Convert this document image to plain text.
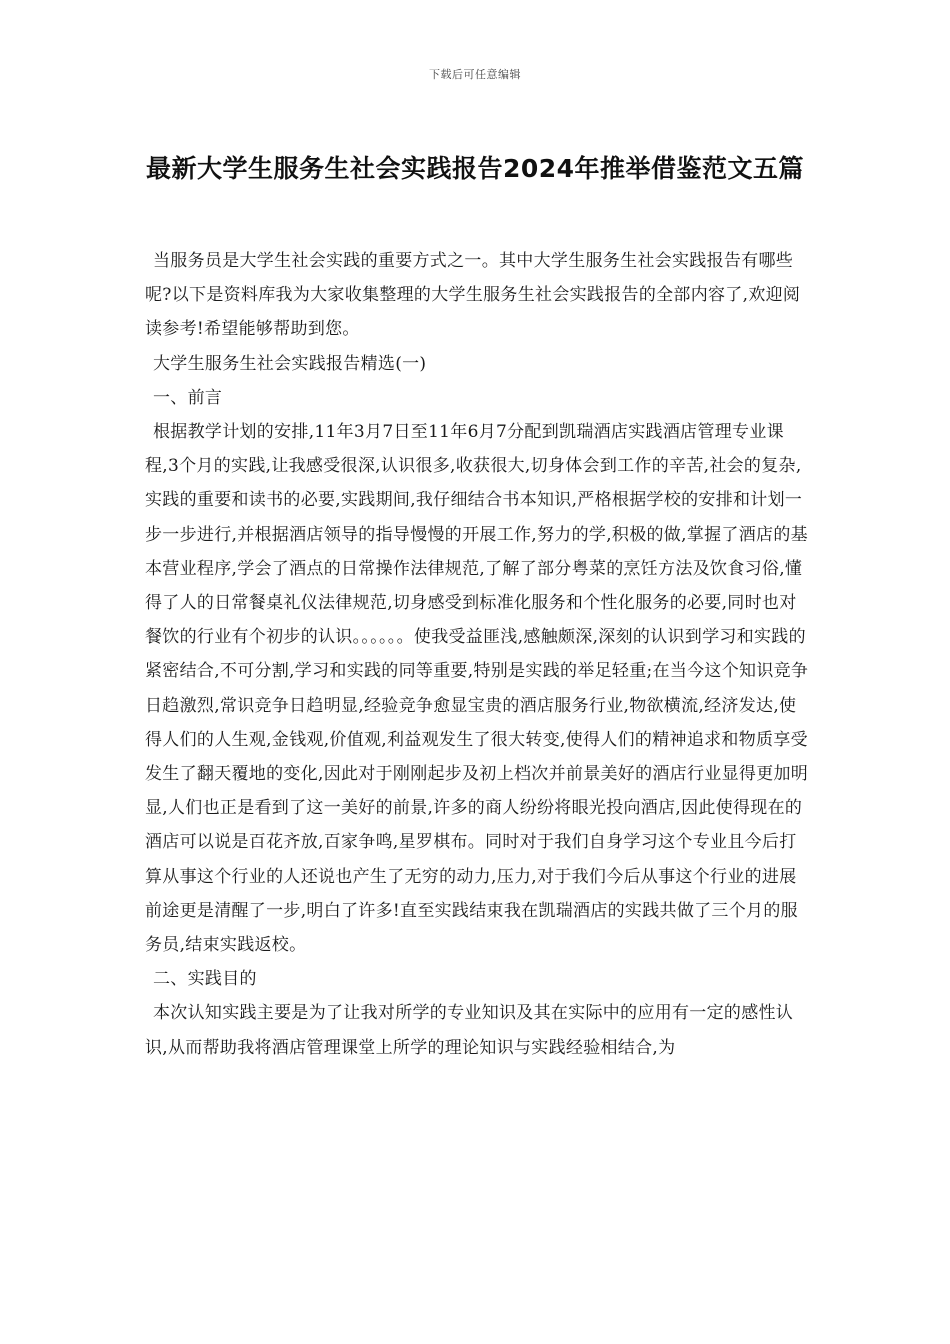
下载后可任意编辑
最新大学生服务生社会实践报告2024年推举借鉴范文五篇

当服务员是大学生社会实践的重要方式之一。其中大学生服务生社会实践报告有哪些呢?以下是资料库我为大家收集整理的大学生服务生社会实践报告的全部内容了,欢迎阅读参考!希望能够帮助到您。

大学生服务生社会实践报告精选(一)

一、前言

根据教学计划的安排,11年3月7日至11年6月7分配到凯瑞酒店实践酒店管理专业课程,3个月的实践,让我感受很深,认识很多,收获很大,切身体会到工作的辛苦,社会的复杂,实践的重要和读书的必要,实践期间,我仔细结合书本知识,严格根据学校的安排和计划一步一步进行,并根据酒店领导的指导慢慢的开展工作,努力的学,积极的做,掌握了酒店的基本营业程序,学会了酒点的日常操作法律规范,了解了部分粤菜的烹饪方法及饮食习俗,懂得了人的日常餐桌礼仪法律规范,切身感受到标准化服务和个性化服务的必要,同时也对餐饮的行业有个初步的认识。。。。。。使我受益匪浅,感触颇深,深刻的认识到学习和实践的紧密结合,不可分割,学习和实践的同等重要,特别是实践的举足轻重;在当今这个知识竞争日趋激烈,常识竞争日趋明显,经验竞争愈显宝贵的酒店服务行业,物欲横流,经济发达,使得人们的人生观,金钱观,价值观,利益观发生了很大转变,使得人们的精神追求和物质享受发生了翻天覆地的变化,因此对于刚刚起步及初上档次并前景美好的酒店行业显得更加明显,人们也正是看到了这一美好的前景,许多的商人纷纷将眼光投向酒店,因此使得现在的酒店可以说是百花齐放,百家争鸣,星罗棋布。同时对于我们自身学习这个专业且今后打算从事这个行业的人还说也产生了无穷的动力,压力,对于我们今后从事这个行业的进展前途更是清醒了一步,明白了许多!直至实践结束我在凯瑞酒店的实践共做了三个月的服务员,结束实践返校。

二、实践目的

本次认知实践主要是为了让我对所学的专业知识及其在实际中的应用有一定的感性认识,从而帮助我将酒店管理课堂上所学的理论知识与实践经验相结合,为
